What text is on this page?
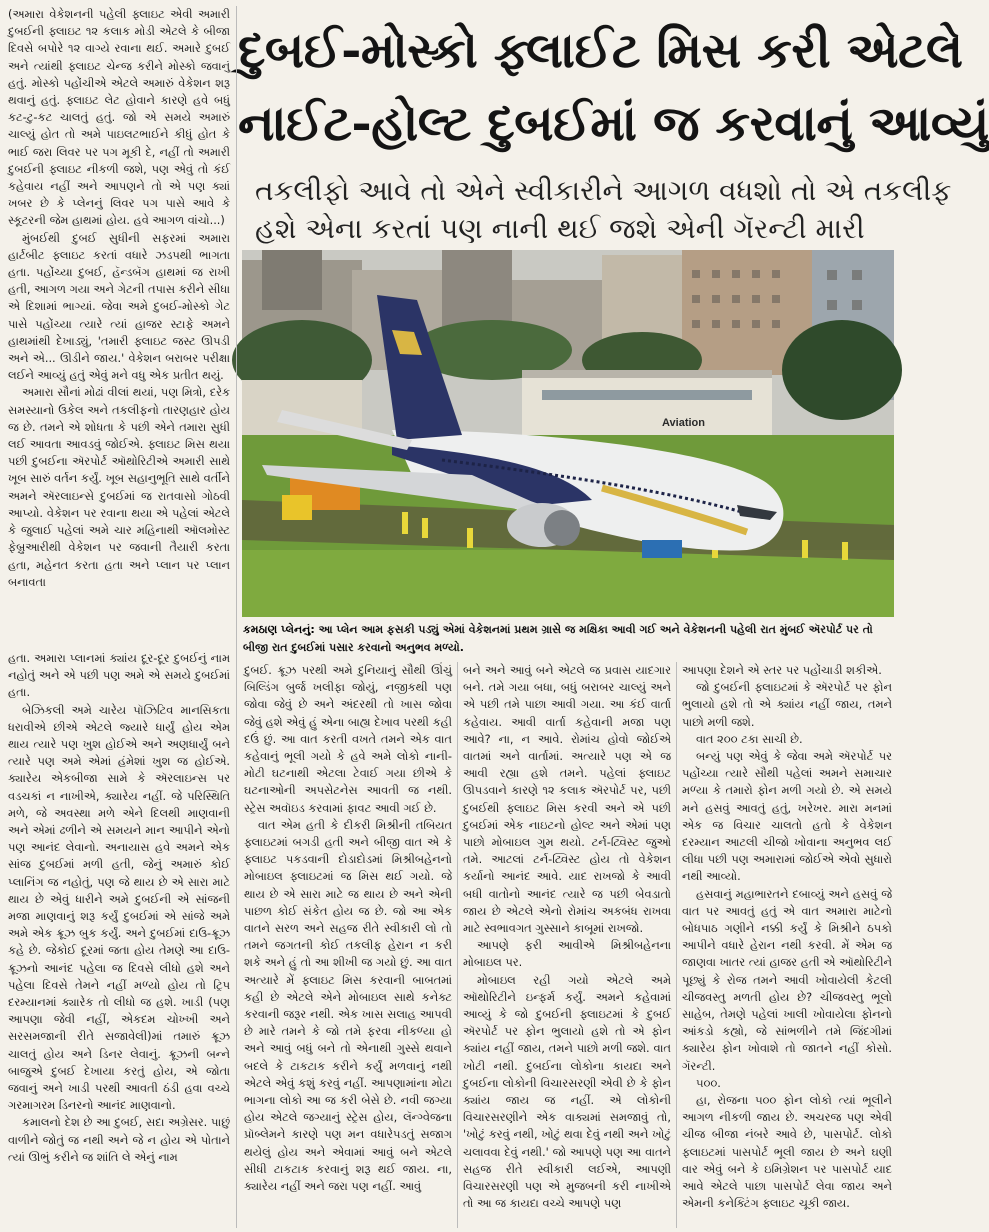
દુબઈ-મોસ્કો ફ્લાઈટ મિસ કરી એટલે
નાઈટ-હોલ્ટ દુબઈમાં જ કરવાનું આવ્યું
તકલીફો આવે તો એને સ્વીકારીને આગળ વધશો તો એ તકલીફ
હશે એના કરતાં પણ નાની થઈ જશે એની ગૅરન્ટી મારી
Aviation
કમઠાણ પ્લેનનું: આ પ્લેન આમ ફસકી પડ્યું એમાં વેકેશનમાં પ્રથમ ગ્રાસે જ મક્ષિકા આવી ગઈ અને વેકેશનની પહેલી રાત મુંબઈ ઍરપોર્ટ પર તો બીજી રાત દુબઈમાં પસાર કરવાનો અનુભવ મળ્યો.

(અમારા વેકેશનની પહેલી ફ્લાઇટ એવી અમારી દુબઈની ફ્લાઇટ ૧૨ કલાક મોડી એટલે કે બીજા દિવસે બપોરે ૧૨ વાગ્યે રવાના થઈ. અમારે દુબઈ અને ત્યાંથી ફ્લાઇટ ચેન્જ કરીને મોસ્કો જવાનું હતું. મોસ્કો પહોંચીએ એટલે અમારું વેકેશન શરૂ થવાનું હતું. ફ્લાઇટ લેટ હોવાને કારણે હવે બધું કટ-ટુ-કટ ચાલતું હતું. જો એ સમયે અમારું ચાલ્યું હોત તો અમે પાઇલટભાઈને કીધું હોત કે ભાઈ જરા લિવર પર પગ મૂકી દે, નહીં તો અમારી દુબઈની ફ્લાઇટ નીકળી જશે, પણ એવું તો કંઈ કહેવાય નહીં અને આપણને તો એ પણ ક્યાં ખબર છે કે પ્લેનનું લિવર પગ પાસે આવે કે સ્કૂટરની જેમ હાથમાં હોય. હવે આગળ વાંચો...)

મુંબઈથી દુબઈ સુધીની સફરમાં અમારા હાર્ટબીટ ફ્લાઇટ કરતાં વધારે ઝડપથી ભાગતા હતા. પહોંચ્યા દુબઈ, હૅન્ડબૅગ હાથમાં જ રાખી હતી, આગળ ગયા અને ગેટની તપાસ કરીને સીધા એ દિશામાં ભાગ્યાં. જેવા અમે દુબઈ-મોસ્કો ગેટ પાસે પહોંચ્યા ત્યારે ત્યાં હાજર સ્ટાફે અમને હાથમાંથી દેખાડ્યું, 'તમારી ફ્લાઇટ જસ્ટ ઊપડી અને એ... ઊડીને જાય.' વેકેશન બરાબર પરીક્ષા લઈને આવ્યું હતું એવું મને વધુ એક પ્રતીત થયું.

અમારા સૌનાં મોઢાં વીલાં થયાં, પણ મિત્રો, દરેક સમસ્યાનો ઉકેલ અને તકલીફનો તારણહાર હોય જ છે. તમને એ શોધતા કે પછી એને તમારા સુધી લઈ આવતા આવડવું જોઈએ. ફ્લાઇટ મિસ થયા પછી દુબઈના ઍરપોર્ટ ઑથોરિટીએ અમારી સાથે ખૂબ સારું વર્તન કર્યું. ખૂબ સહાનુભૂતિ સાથે વર્તીને અમને ઍરલાઇન્સે દુબઈમાં જ રાતવાસો ગોઠવી આપ્યો. વેકેશન પર રવાના થયા એ પહેલાં એટલે કે જુલાઈ પહેલાં અમે ચાર મહિનાથી ઑલમોસ્ટ ફેબ્રુઆરીથી વેકેશન પર જવાની તૈયારી કરતા હતા, મહેનત કરતા હતા અને પ્લાન પર પ્લાન બનાવતા

હતા. અમારા પ્લાનમાં ક્યાંય દૂર-દૂર દુબઈનું નામ નહોતું અને એ પછી પણ અમે એ સમયે દુબઈમાં હતા.

બેઝિકલી અમે ચારેય પૉઝિટિવ માનસિકતા ધરાવીએ છીએ એટલે જ્યારે ધાર્યું હોય એમ થાય ત્યારે પણ ખુશ હોઈએ અને અણધાર્યું બને ત્યારે પણ અમે એમાં હંમેશાં ખુશ જ હોઈએ. ક્યારેય એકબીજા સામે કે ઍરલાઇન્સ પર વડચકાં ન નાખીએ, ક્યારેય નહીં. જે પરિસ્થિતિ મળે, જે અવસ્થા મળે એને દિલથી માણવાની અને એમાં ઢળીને એ સમયને માન આપીને એનો પણ આનંદ લેવાનો. અનાયાસ હવે અમને એક સાંજ દુબઈમાં મળી હતી, જેનું અમારું કોઈ પ્લાનિંગ જ નહોતું, પણ જે થાય છે એ સારા માટે થાય છે એવું ધારીને અમે દુબઈની એ સાંજની મજા માણવાનું શરૂ કર્યું દુબઈમાં એ સાંજે અમે અમે એક ક્રૂઝ બુક કર્યું. અને દુબઈમાં દાઉ-ક્રૂઝ કહે છે. જેકોઈ દૂરમાં જતા હોય તેમણે આ દાઉ-ક્રૂઝનો આનંદ પહેલા જ દિવસે લીધો હશે અને પહેલા દિવસે તેમને નહીં મળ્યો હોય તો ટ્રિપ દરમ્યાનમાં ક્યારેક તો લીધો જ હશે. ખાડી (પણ આપણા જેવી નહીં, એકદમ ચોખ્ખી અને સરસમજાની રીતે સજાવેલી)માં તમારું ક્રૂઝ ચાલતું હોય અને ડિનર લેવાનું. ક્રૂઝની બન્ને બાજુએ દુબઈ દેખાયા કરતું હોય, એ જોતા જવાનું અને ખાડી પરથી આવતી ઠંડી હવા વચ્ચે ગરમાગરમ ડિનરનો આનંદ માણવાનો.

કમાલનો દેશ છે આ દુબઈ, સદા અગ્રેસર. પાછું વાળીને જોતું જ નથી અને જે ન હોય એ પોતાને ત્યાં ઊભું કરીને જ શાંતિ લે એનું નામ

દુબઈ. ક્રૂઝ પરથી અમે દુનિયાનું સૌથી ઊંચું બિલ્ડિંગ બુર્જ ખલીફા જોયું, નજીકથી પણ જોવા જેવું છે અને અંદરથી તો ખાસ જોવા જેવું હશે એવું હું એના બાહ્ય દેખાવ પરથી કહી દઉં છું. આ વાત કરતી વખતે તમને એક વાત કહેવાનું ભૂલી ગયો કે હવે અમે લોકો નાની-મોટી ઘટનાથી એટલા ટેવાઈ ગયા છીએ કે ઘટનાઓની અપસેટનેસ આવતી જ નથી. સ્ટ્રેસ અવૉઇડ કરવામાં ફાવટ આવી ગઈ છે.

વાત એમ હતી કે દીકરી મિશ્રીની તબિયત ફ્લાઇટમાં બગડી હતી અને બીજી વાત એ કે ફ્લાઇટ પકડવાની દોડાદોડમાં મિશ્રીબહેનનો મોબાઇલ ફ્લાઇટમાં જ મિસ થઈ ગયો. જે થાય છે એ સારા માટે જ થાય છે અને એની પાછળ કોઈ સંકેત હોય જ છે. જો આ એક વાતને સરળ અને સહજ રીતે સ્વીકારી લો તો તમને જગતની કોઈ તકલીફ હેરાન ન કરી શકે અને હું તો આ શીખી જ ગયો છું. આ વાત અત્યારે મેં ફ્લાઇટ મિસ કરવાની બાબતમાં કહી છે એટલે એને મોબાઇલ સાથે કનેક્ટ કરવાની જરૂર નથી. એક ખાસ સલાહ આપવી છે મારે તમને કે જો તમે ફરવા નીકળ્યા હો અને આવું બધું બને તો એનાથી ગુસ્સે થવાને બદલે કે ટાકટાક કરીને કર્યું મળવાનું નથી એટલે એવું કશું કરવું નહીં. આપણામાંના મોટા ભાગના લોકો આ જ કરી બેસે છે. નવી જગ્યા હોય એટલે જગ્યાનું સ્ટ્રેસ હોય, લૅન્ગ્વેજના પ્રૉબ્લેમને કારણે પણ મન વધારેપડતું સજાગ થયેલું હોય અને એવામાં આવું બને એટલે સીધી ટાકટાક કરવાનું શરૂ થઈ જાય. ના, ક્યારેય નહીં અને જરા પણ નહીં. આવું

બને અને આવું બને એટલે જ પ્રવાસ યાદગાર બને. તમે ગયા બધા, બધું બરાબર ચાલ્યું અને એ પછી તમે પાછા આવી ગયા. આ કંઈ વાર્તા કહેવાય. આવી વાર્તા કહેવાની મજા પણ આવે? ના, ન આવે. રોમાંચ હોવો જોઈએ વાતમાં અને વાર્તામાં. અત્યારે પણ એ જ આવી રહ્યા હશે તમને. પહેલાં ફ્લાઇટ ઊપડવાને કારણે ૧૨ કલાક ઍરપોર્ટ પર, પછી દુબઈથી ફ્લાઇટ મિસ કરવી અને એ પછી દુબઈમાં એક નાઇટનો હોલ્ટ અને એમાં પણ પાછો મોબાઇલ ગુમ થયો. ટર્ન-ટ્વિસ્ટ જુઓ તમે. આટલાં ટર્ન-ટ્વિસ્ટ હોય તો વેકેશન કર્યાનો આનંદ આવે. યાદ રાખજો કે આવી બધી વાતોનો આનંદ ત્યારે જ પછી બેવડાતો જાય છે એટલે એનો રોમાંચ અકબંધ રાખવા માટે સ્વભાવગત ગુસ્સાને કાબૂમાં રાખજો.

આપણે ફરી આવીએ મિશ્રીબહેનના મોબાઇલ પર.

મોબાઇલ રહી ગયો એટલે અમે ઑથોરિટીને ઇન્ફર્મ કર્યું. અમને કહેવામાં આવ્યું કે જો દુબઈની ફ્લાઇટમાં કે દુબઈ ઍરપોર્ટ પર ફોન ભુલાયો હશે તો એ ફોન ક્યાંય નહીં જાય, તમને પાછો મળી જશે. વાત ખોટી નથી. દુબઈના લોકોના કાયદા અને દુબઈના લોકોની વિચારસરણી એવી છે કે ફોન ક્યાંય જાય જ નહીં. એ લોકોની વિચારસરણીને એક વાક્યમાં સમજાવું તો, 'ખોટું કરવું નથી, ખોટું થવા દેવું નથી અને ખોટું ચલાવવા દેવું નથી.' જો આપણે પણ આ વાતને સહજ રીતે સ્વીકારી લઈએ, આપણી વિચારસરણી પણ એ મુજબની કરી નાખીએ તો આ જ કાયદા વચ્ચે આપણે પણ

આપણા દેશને એ સ્તર પર પહોંચાડી શકીએ.

જો દુબઈની ફ્લાઇટમાં કે ઍરપોર્ટ પર ફોન ભુલાયો હશે તો એ ક્યાંય નહીં જાય, તમને પાછો મળી જશે.

વાત ૨૦૦ ટકા સાચી છે.

બન્યું પણ એવું કે જેવા અમે ઍરપોર્ટ પર પહોંચ્યા ત્યારે સૌથી પહેલાં અમને સમાચાર મળ્યા કે તમારો ફોન મળી ગયો છે. એ સમયે મને હસવું આવતું હતું, ખરેખર. મારા મનમાં એક જ વિચાર ચાલતો હતો કે વેકેશન દરમ્યાન આટલી ચીજો ખોવાના અનુભવ લઈ લીધા પછી પણ અમારામાં જોઈએ એવો સુધારો નથી આવ્યો.

હસવાનું મહાભારતને દબાવ્યું અને હસવું જે વાત પર આવતું હતું એ વાત અમારા માટેનો બોધપાઠ ગણીને નક્કી કર્યું કે મિશ્રીને ઠપકો આપીને વધારે હેરાન નથી કરવી. મેં એમ જ જાણવા ખાતર ત્યાં હાજર હતી એ ઑથોરિટીને પૂછ્યું કે રોજ તમને આવી ખોવાયેલી કેટલી ચીજવસ્તુ મળતી હોય છે? ચીજવસ્તુ ભૂલો સાહેબ, તેમણે પહેલાં ખાલી ખોવાયેલા ફોનનો આંકડો કહ્યો, જે સાંભળીને તમે જિંદગીમાં ક્યારેય ફોન ખોવાશે તો જાતને નહીં કોસો. ગૅરન્ટી.

૫૦૦.

હા, રોજના ૫૦૦ ફોન લોકો ત્યાં ભૂલીને આગળ નીકળી જાય છે. અચરજ પણ એવી ચીજ બીજા નંબરે આવે છે, પાસપોર્ટ. લોકો ફ્લાઇટમાં પાસપોર્ટ ભૂલી જાય છે અને ઘણી વાર એવું બને કે ઇમિગ્રેશન પર પાસપોર્ટ યાદ આવે એટલે પાછા પાસપોર્ટ લેવા જાય અને એમની કનેક્ટિંગ ફ્લાઇટ ચૂકી જાય.
